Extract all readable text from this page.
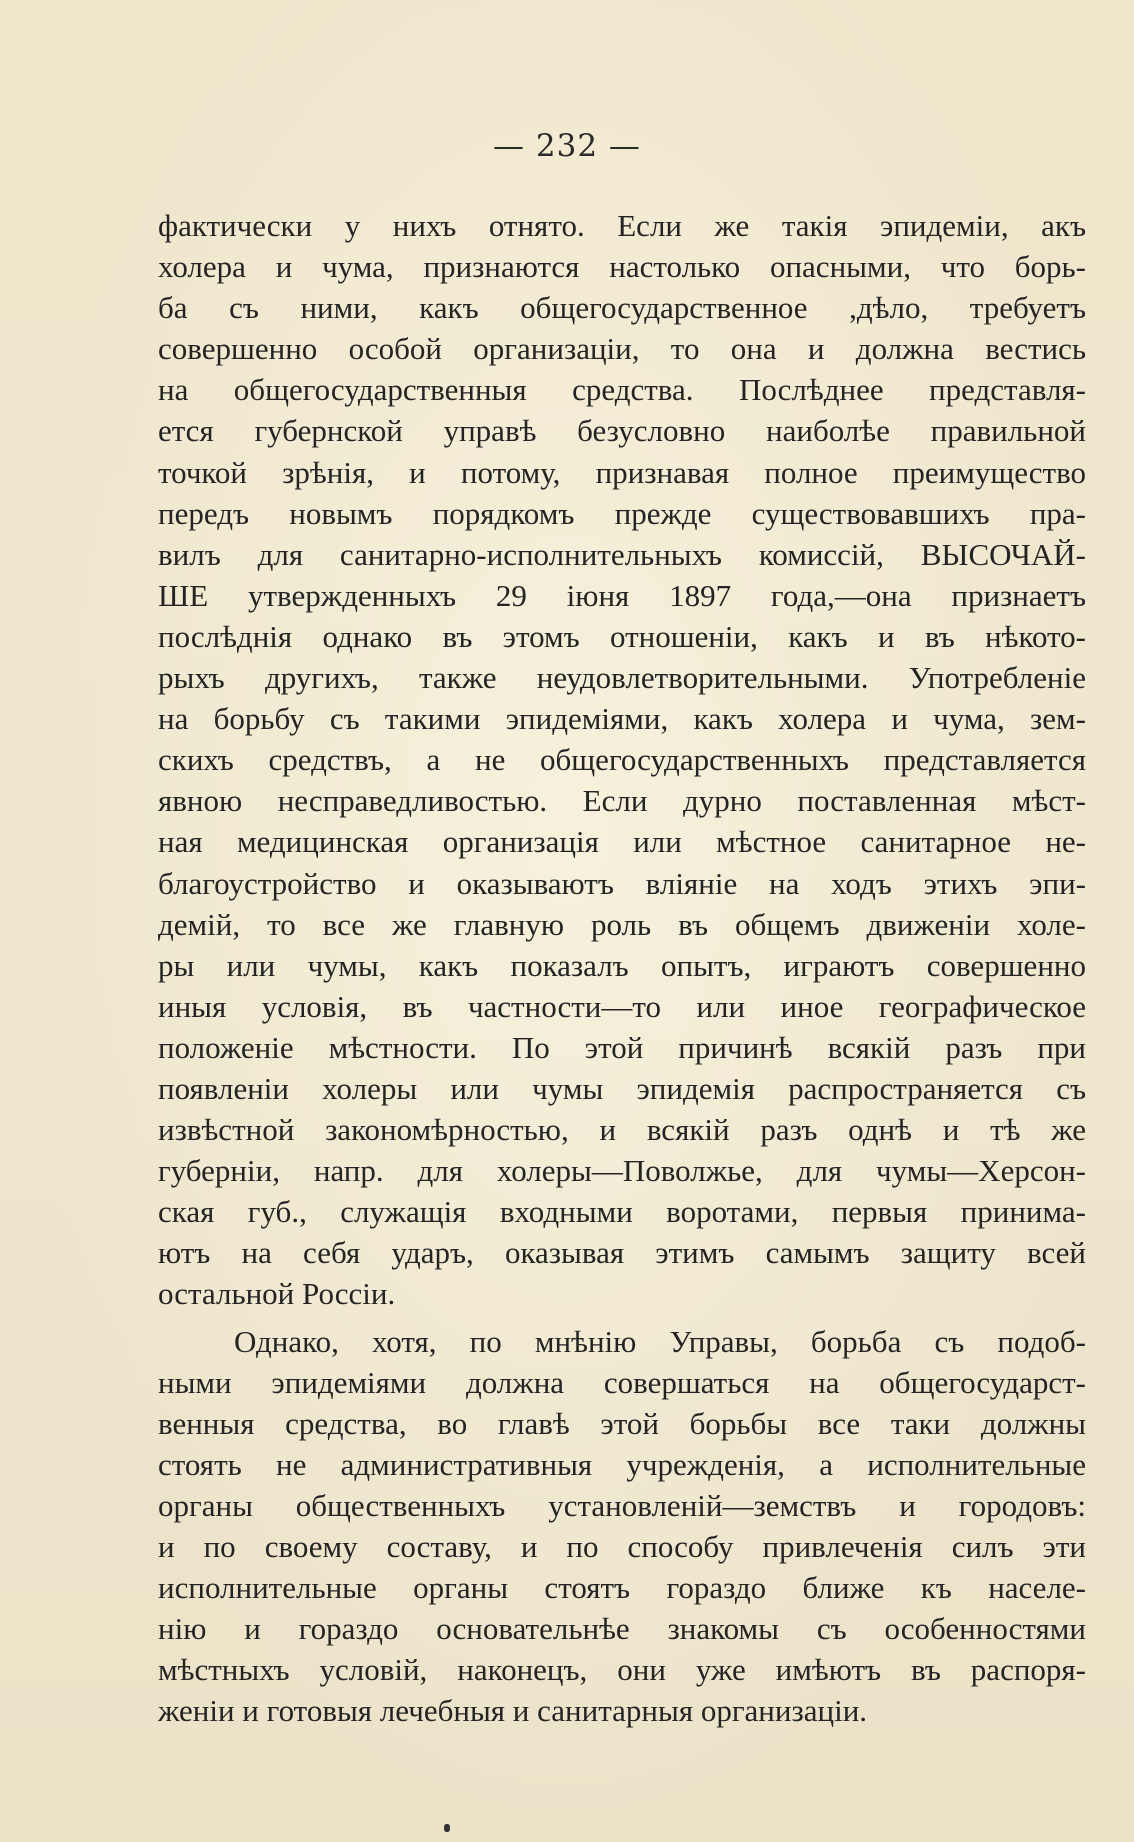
— 232 —
фактически у нихъ отнято. Если же такія эпидеміи, акъ
холера и чума, признаются настолько опасными, что борь-
ба съ ними, какъ общегосударственное ,дѣло, требуетъ
совершенно особой организаціи, то она и должна вестись
на общегосударственныя средства. Послѣднее представля-
ется губернской управѣ безусловно наиболѣе правильной
точкой зрѣнія, и потому, признавая полное преимущество
передъ новымъ порядкомъ прежде существовавшихъ пра-
вилъ для санитарно-исполнительныхъ комиссій, ВЫСОЧАЙ-
ШЕ утвержденныхъ 29 іюня 1897 года,—она признаетъ
послѣднія однако въ этомъ отношеніи, какъ и въ нѣкото-
рыхъ другихъ, также неудовлетворительными. Употребленіе
на борьбу съ такими эпидеміями, какъ холера и чума, зем-
скихъ средствъ, а не общегосударственныхъ представляется
явною несправедливостью. Если дурно поставленная мѣст-
ная медицинская организація или мѣстное санитарное не-
благоустройство и оказываютъ вліяніе на ходъ этихъ эпи-
демій, то все же главную роль въ общемъ движеніи холе-
ры или чумы, какъ показалъ опытъ, играютъ совершенно
иныя условія, въ частности—то или иное географическое
положеніе мѣстности. По этой причинѣ всякій разъ при
появленіи холеры или чумы эпидемія распространяется съ
извѣстной закономѣрностью, и всякій разъ однѣ и тѣ же
губерніи, напр. для холеры—Поволжье, для чумы—Херсон-
ская губ., служащія входными воротами, первыя принима-
ютъ на себя ударъ, оказывая этимъ самымъ защиту всей
остальной Россіи.
Однако, хотя, по мнѣнію Управы, борьба съ подоб-
ными эпидеміями должна совершаться на общегосударст-
венныя средства, во главѣ этой борьбы все таки должны
стоять не административныя учрежденія, а исполнительные
органы общественныхъ установленій—земствъ и городовъ:
и по своему составу, и по способу привлеченія силъ эти
исполнительные органы стоятъ гораздо ближе къ населе-
нію и гораздо основательнѣе знакомы съ особенностями
мѣстныхъ условій, наконецъ, они уже имѣютъ въ распоря-
женіи и готовыя лечебныя и санитарныя организаціи.
